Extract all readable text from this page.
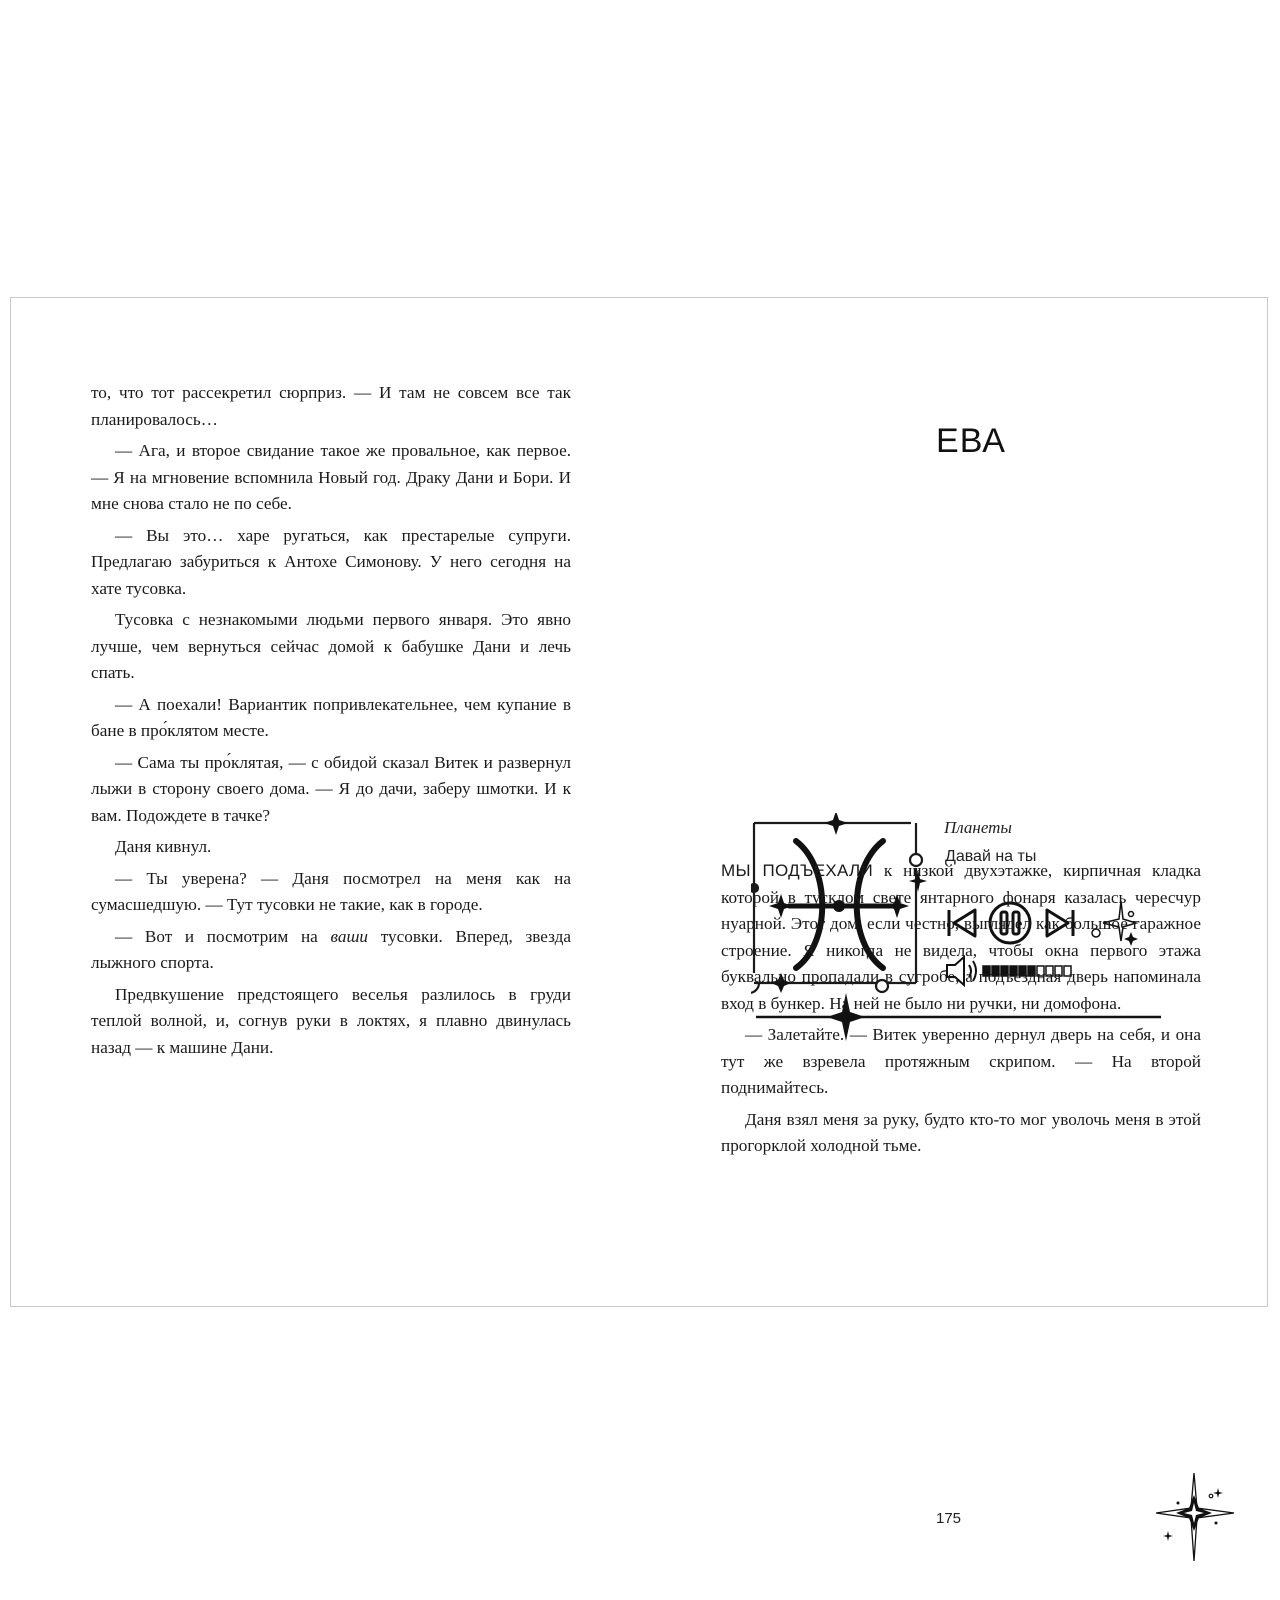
то, что тот рассекретил сюрприз. — И там не совсем все так планировалось…

— Ага, и второе свидание такое же провальное, как первое. — Я на мгновение вспомнила Новый год. Драку Дани и Бори. И мне снова стало не по себе.

— Вы это… харе ругаться, как престарелые супруги. Предлагаю забуриться к Антохе Симонову. У него сегодня на хате тусовка.

Тусовка с незнакомыми людьми первого января. Это явно лучше, чем вернуться сейчас домой к бабушке Дани и лечь спать.

— А поехали! Вариантик попривлекательнее, чем купание в бане в про́клятом месте.

— Сама ты про́клятая, — с обидой сказал Витек и развернул лыжи в сторону своего дома. — Я до дачи, заберу шмотки. И к вам. Подождете в тачке?

Даня кивнул.

— Ты уверена? — Даня посмотрел на меня как на сумасшедшую. — Тут тусовки не такие, как в городе.

— Вот и посмотрим на ваши тусовки. Вперед, звезда лыжного спорта.

Предвкушение предстоящего веселья разлилось в груди теплой волной, и, согнув руки в локтях, я плавно двинулась назад — к машине Дани.

ЕВА
Планеты
Давай на ты

МЫ ПОДЪЕХАЛИ к низкой двухэтажке, кирпичная кладка которой в тусклом свете янтарного фонаря казалась чересчур нуарной. Этот дом, если честно, выглядел как большое гаражное строение. Я никогда не видела, чтобы окна первого этажа буквально пропадали в сугробе, а подъездная дверь напоминала вход в бункер. На ней не было ни ручки, ни домофона.

— Залетайте. — Витек уверенно дернул дверь на себя, и она тут же взревела протяжным скрипом. — На второй поднимайтесь.

Даня взял меня за руку, будто кто-то мог уволочь меня в этой прогорклой холодной тьме.

175
